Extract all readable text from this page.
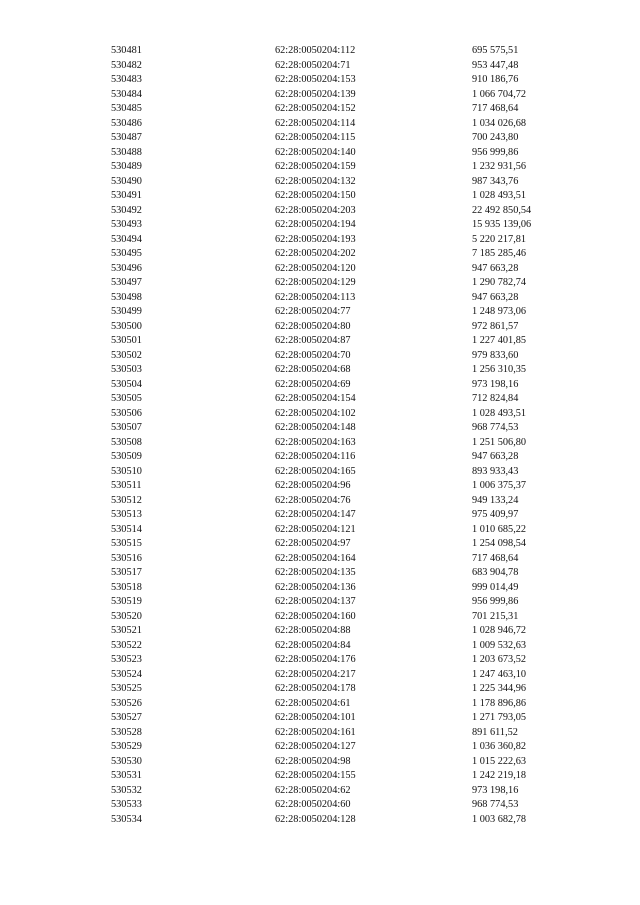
530481	62:28:0050204:112	695 575,51
530482	62:28:0050204:71	953 447,48
530483	62:28:0050204:153	910 186,76
530484	62:28:0050204:139	1 066 704,72
530485	62:28:0050204:152	717 468,64
530486	62:28:0050204:114	1 034 026,68
530487	62:28:0050204:115	700 243,80
530488	62:28:0050204:140	956 999,86
530489	62:28:0050204:159	1 232 931,56
530490	62:28:0050204:132	987 343,76
530491	62:28:0050204:150	1 028 493,51
530492	62:28:0050204:203	22 492 850,54
530493	62:28:0050204:194	15 935 139,06
530494	62:28:0050204:193	5 220 217,81
530495	62:28:0050204:202	7 185 285,46
530496	62:28:0050204:120	947 663,28
530497	62:28:0050204:129	1 290 782,74
530498	62:28:0050204:113	947 663,28
530499	62:28:0050204:77	1 248 973,06
530500	62:28:0050204:80	972 861,57
530501	62:28:0050204:87	1 227 401,85
530502	62:28:0050204:70	979 833,60
530503	62:28:0050204:68	1 256 310,35
530504	62:28:0050204:69	973 198,16
530505	62:28:0050204:154	712 824,84
530506	62:28:0050204:102	1 028 493,51
530507	62:28:0050204:148	968 774,53
530508	62:28:0050204:163	1 251 506,80
530509	62:28:0050204:116	947 663,28
530510	62:28:0050204:165	893 933,43
530511	62:28:0050204:96	1 006 375,37
530512	62:28:0050204:76	949 133,24
530513	62:28:0050204:147	975 409,97
530514	62:28:0050204:121	1 010 685,22
530515	62:28:0050204:97	1 254 098,54
530516	62:28:0050204:164	717 468,64
530517	62:28:0050204:135	683 904,78
530518	62:28:0050204:136	999 014,49
530519	62:28:0050204:137	956 999,86
530520	62:28:0050204:160	701 215,31
530521	62:28:0050204:88	1 028 946,72
530522	62:28:0050204:84	1 009 532,63
530523	62:28:0050204:176	1 203 673,52
530524	62:28:0050204:217	1 247 463,10
530525	62:28:0050204:178	1 225 344,96
530526	62:28:0050204:61	1 178 896,86
530527	62:28:0050204:101	1 271 793,05
530528	62:28:0050204:161	891 611,52
530529	62:28:0050204:127	1 036 360,82
530530	62:28:0050204:98	1 015 222,63
530531	62:28:0050204:155	1 242 219,18
530532	62:28:0050204:62	973 198,16
530533	62:28:0050204:60	968 774,53
530534	62:28:0050204:128	1 003 682,78
